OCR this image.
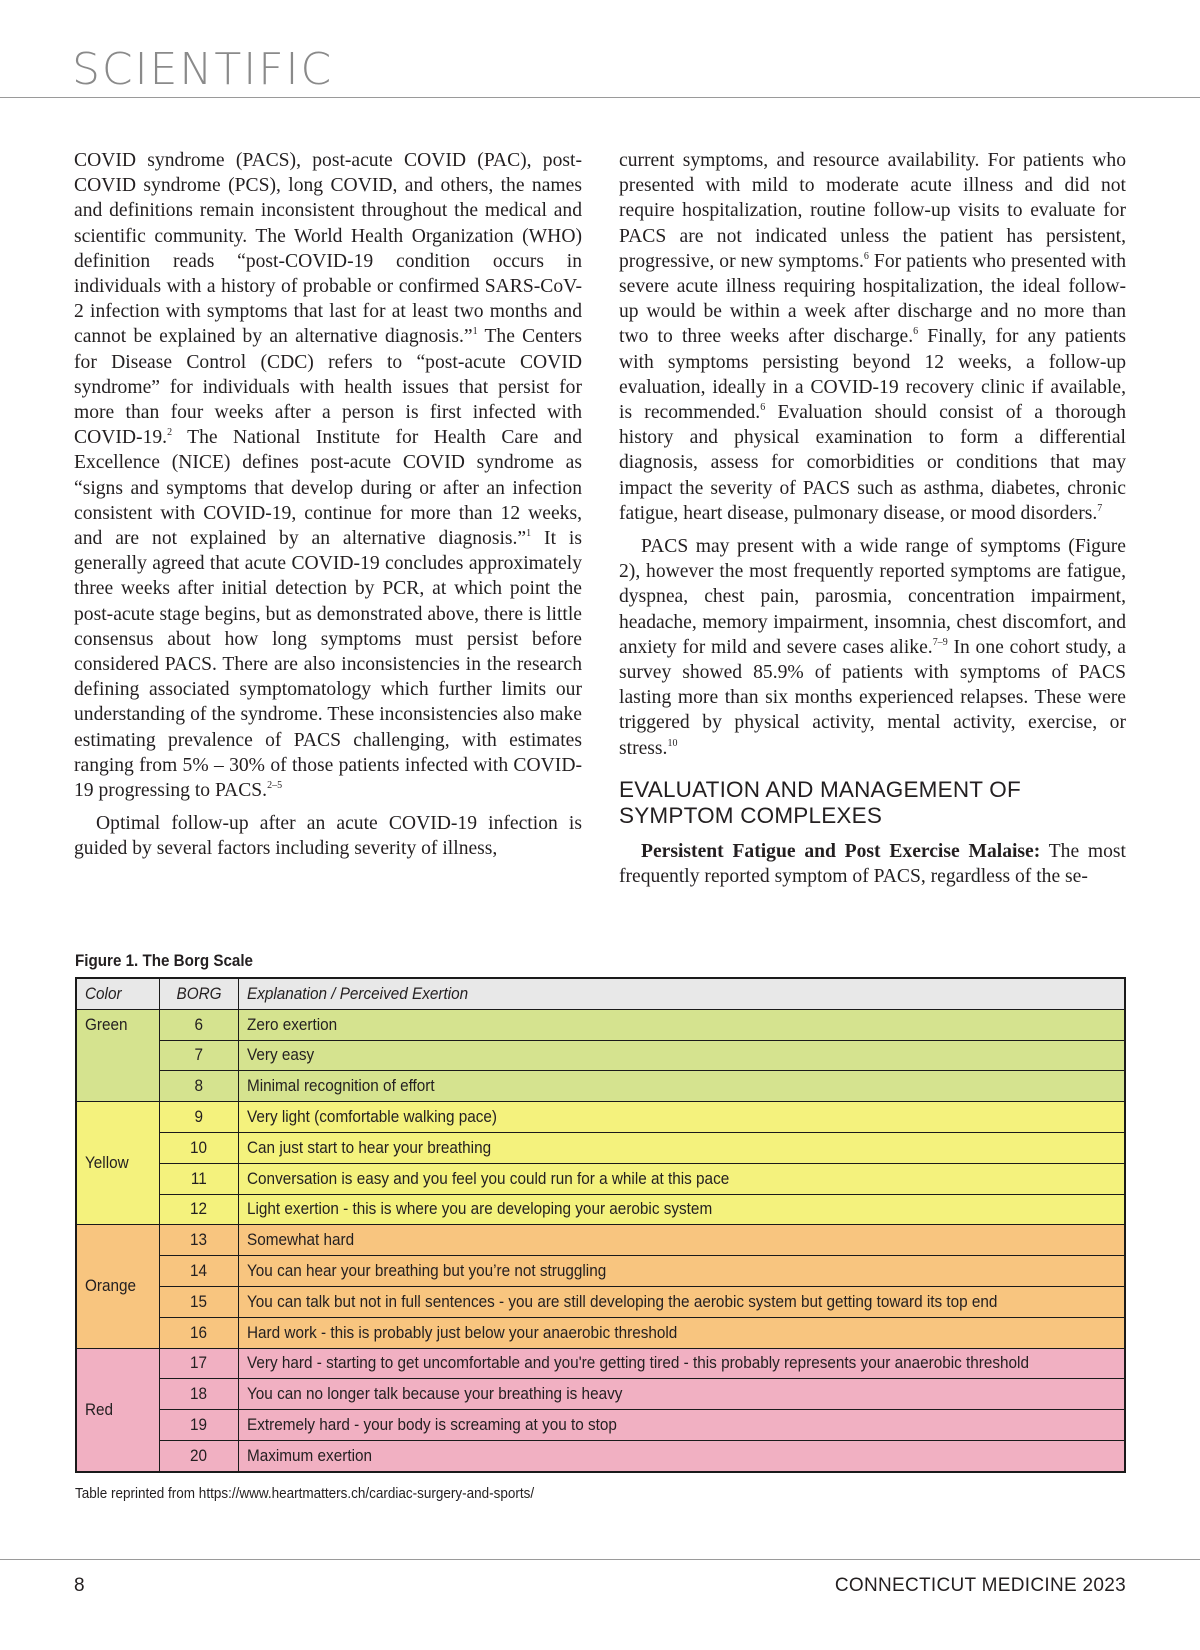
SCIENTIFIC

COVID syndrome (PACS), post-acute COVID (PAC), post-COVID syndrome (PCS), long COVID, and others, the names and definitions remain inconsistent throughout the medical and scientific community. The World Health Organization (WHO) definition reads “post-COVID-19 condition occurs in individuals with a history of probable or confirmed SARS-CoV-2 infection with symptoms that last for at least two months and cannot be explained by an alternative diagnosis.”$^1$ The Centers for Disease Control (CDC) refers to “post-acute COVID syndrome” for individuals with health issues that persist for more than four weeks after a person is first infected with COVID-19.$^2$ The National Institute for Health Care and Excellence (NICE) defines post-acute COVID syndrome as “signs and symptoms that develop during or after an infection consistent with COVID-19, continue for more than 12 weeks, and are not explained by an alternative diagnosis.”$^1$ It is generally agreed that acute COVID-19 concludes approximately three weeks after initial detection by PCR, at which point the post-acute stage begins, but as demonstrated above, there is little consensus about how long symptoms must persist before considered PACS. There are also inconsistencies in the research defining associated symptomatology which further limits our understanding of the syndrome. These inconsistencies also make estimating prevalence of PACS challenging, with estimates ranging from 5% – 30% of those patients infected with COVID-19 progressing to PACS.$^{2-5}$

Optimal follow-up after an acute COVID-19 infection is guided by several factors including severity of illness,

current symptoms, and resource availability. For patients who presented with mild to moderate acute illness and did not require hospitalization, routine follow-up visits to evaluate for PACS are not indicated unless the patient has persistent, progressive, or new symptoms.$^6$ For patients who presented with severe acute illness requiring hospitalization, the ideal follow-up would be within a week after discharge and no more than two to three weeks after discharge.$^6$ Finally, for any patients with symptoms persisting beyond 12 weeks, a follow-up evaluation, ideally in a COVID-19 recovery clinic if available, is recommended.$^6$ Evaluation should consist of a thorough history and physical examination to form a differential diagnosis, assess for comorbidities or conditions that may impact the severity of PACS such as asthma, diabetes, chronic fatigue, heart disease, pulmonary disease, or mood disorders.$^7$

PACS may present with a wide range of symptoms (Figure 2), however the most frequently reported symptoms are fatigue, dyspnea, chest pain, parosmia, concentration impairment, headache, memory impairment, insomnia, chest discomfort, and anxiety for mild and severe cases alike.$^{7-9}$ In one cohort study, a survey showed 85.9% of patients with symptoms of PACS lasting more than six months experienced relapses. These were triggered by physical activity, mental activity, exercise, or stress.$^{10}$

EVALUATION AND MANAGEMENT OF SYMPTOM COMPLEXES

Persistent Fatigue and Post Exercise Malaise: The most frequently reported symptom of PACS, regardless of the se-

Figure 1. The Borg Scale
Color	BORG	Explanation / Perceived Exertion
Green	6	Zero exertion
	7	Very easy
	8	Minimal recognition of effort
Yellow	9	Very light (comfortable walking pace)
	10	Can just start to hear your breathing
	11	Conversation is easy and you feel you could run for a while at this pace
	12	Light exertion - this is where you are developing your aerobic system
Orange	13	Somewhat hard
	14	You can hear your breathing but you’re not struggling
	15	You can talk but not in full sentences - you are still developing the aerobic system but getting toward its top end
	16	Hard work - this is probably just below your anaerobic threshold
Red	17	Very hard - starting to get uncomfortable and you're getting tired - this probably represents your anaerobic threshold
	18	You can no longer talk because your breathing is heavy
	19	Extremely hard - your body is screaming at you to stop
	20	Maximum exertion
Table reprinted from https://www.heartmatters.ch/cardiac-surgery-and-sports/
8	CONNECTICUT MEDICINE 2023
